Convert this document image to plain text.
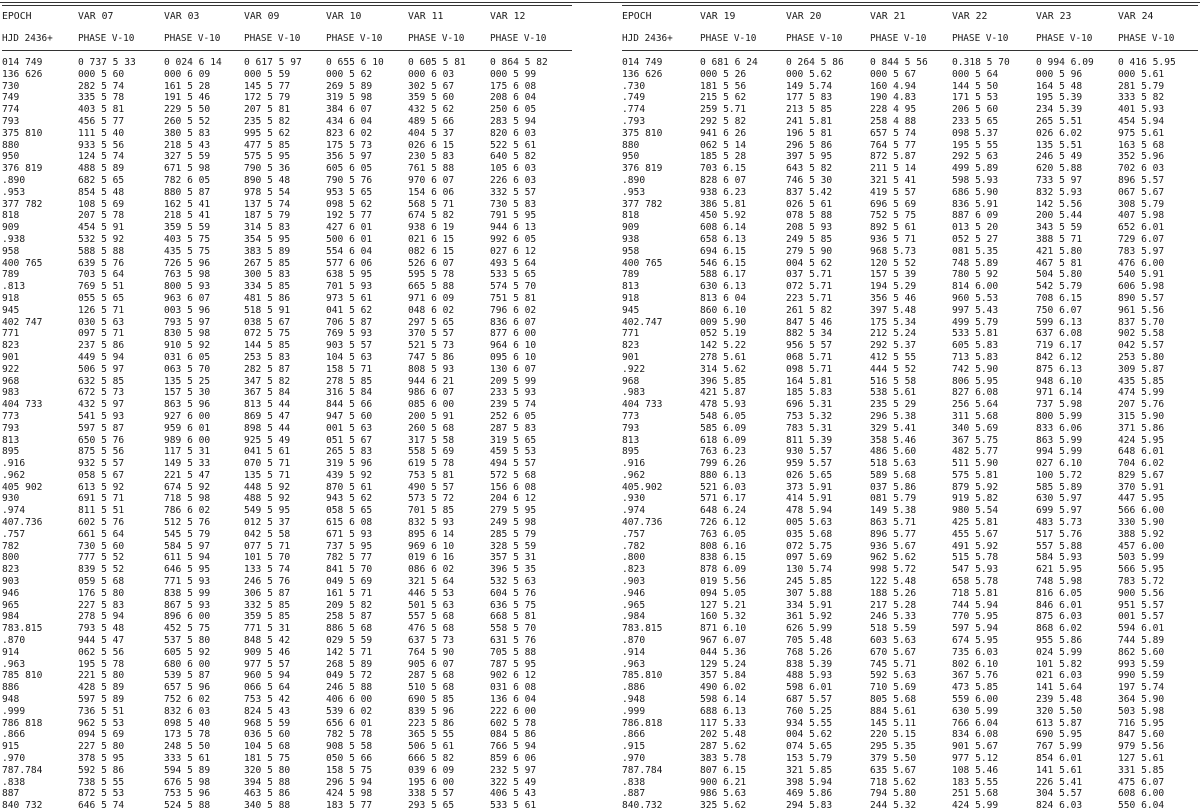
EPOCH	VAR 07	VAR 03	VAR 09	VAR 10	VAR 11	VAR 12
HJD 2436+	PHASE V-10	PHASE V-10	PHASE V-10	PHASE V-10	PHASE V-10	PHASE V-10

014 749	0 737 5 33	0 024 6 14	0 617 5 97	0 655 6 10	0 605 5 81	0 864 5 82
136 626	000 5 60	000 6 09	000 5 59	000 5 62	000 6 03	000 5 99
730	282 5 74	161 5 28	145 5 77	269 5 89	302 5 67	175 6 08
749	335 5 78	191 5 46	172 5 79	319 5 98	359 5 60	208 6 04
774	403 5 81	229 5 50	207 5 81	384 6 07	432 5 62	250 6 05
793	456 5 77	260 5 52	235 5 82	434 6 04	489 5 66	283 5 94
375 810	111 5 40	380 5 83	995 5 62	823 6 02	404 5 37	820 6 03
880	933 5 56	218 5 43	477 5 85	175 5 73	026 6 15	522 5 61
950	124 5 74	327 5 59	575 5 95	356 5 97	230 5 83	640 5 82
376 819	488 5 89	671 5 98	790 5 36	605 6 05	761 5 88	105 6 03
.890	682 5 65	782 6 05	890 5 48	790 5 76	970 6 07	226 6 03
.953	854 5 48	880 5 87	978 5 54	953 5 65	154 6 06	332 5 57
377 782	108 5 69	162 5 41	137 5 74	098 5 62	568 5 71	730 5 83
818	207 5 78	218 5 41	187 5 79	192 5 77	674 5 82	791 5 95
909	454 5 91	359 5 59	314 5 83	427 6 01	938 6 19	944 6 13
.938	532 5 92	403 5 75	354 5 95	500 6 01	021 6 15	992 6 05
958	588 5 88	435 5 75	383 5 89	554 6 04	082 6 15	027 6 12
400 765	639 5 76	726 5 96	267 5 85	577 6 06	526 6 07	493 5 64
789	703 5 64	763 5 98	300 5 83	638 5 95	595 5 78	533 5 65
.813	769 5 51	800 5 93	334 5 85	701 5 93	665 5 88	574 5 70
918	055 5 65	963 6 07	481 5 86	973 5 61	971 6 09	751 5 81
945	126 5 71	003 5 96	518 5 91	041 5 62	048 6 02	796 6 02
402 747	030 5 63	793 5 97	038 5 67	706 5 87	297 5 65	836 6 07
771	097 5 71	830 5 98	072 5 75	769 5 93	370 5 57	877 6 00
823	237 5 86	910 5 92	144 5 85	903 5 57	521 5 73	964 6 10
901	449 5 94	031 6 05	253 5 83	104 5 63	747 5 86	095 6 10
922	506 5 97	063 5 70	282 5 87	158 5 71	808 5 93	130 6 07
968	632 5 85	135 5 25	347 5 82	278 5 85	944 6 21	209 5 99
983	672 5 73	157 5 30	367 5 84	316 5 84	986 6 07	233 5 93
404 733	432 5 97	863 5 96	813 5 44	844 5 66	085 6 00	239 5 74
773	541 5 93	927 6 00	869 5 47	947 5 60	200 5 91	252 6 05
793	597 5 87	959 6 01	898 5 44	001 5 63	260 5 68	287 5 83
813	650 5 76	989 6 00	925 5 49	051 5 67	317 5 58	319 5 65
895	875 5 56	117 5 31	041 5 61	265 5 83	558 5 69	459 5 53
.916	932 5 57	149 5 33	070 5 71	319 5 96	619 5 78	494 5 57
.962	058 5 67	221 5 47	135 5 71	439 5 92	753 5 81	572 5 68
405 902	613 5 92	674 5 92	448 5 92	870 5 61	490 5 57	156 6 08
930	691 5 71	718 5 98	488 5 92	943 5 62	573 5 72	204 6 12
.974	811 5 51	786 6 02	549 5 95	058 5 65	701 5 85	279 5 95
407.736	602 5 76	512 5 76	012 5 37	615 6 08	832 5 93	249 5 98
.757	661 5 64	545 5 79	042 5 58	671 5 93	895 6 14	285 5 79
782	730 5 60	584 5 97	077 5 71	737 5 95	969 6 10	328 5 59
800	777 5 52	611 5 94	101 5 70	782 5 77	019 6 16	357 5 31
823	839 5 52	646 5 95	133 5 74	841 5 70	086 6 02	396 5 35
903	059 5 68	771 5 93	246 5 76	049 5 69	321 5 64	532 5 63
946	176 5 80	838 5 99	306 5 87	161 5 71	446 5 53	604 5 76
965	227 5 83	867 5 93	332 5 85	209 5 82	501 5 63	636 5 75
984	278 5 94	896 6 00	359 5 85	258 5 87	557 5 68	668 5 81
783.815	793 5 48	452 5 75	771 5 31	886 5 68	476 5 68	558 5 70
.870	944 5 47	537 5 80	848 5 42	029 5 59	637 5 73	631 5 76
914	062 5 56	605 5 92	909 5 46	142 5 71	764 5 90	705 5 88
.963	195 5 78	680 6 00	977 5 57	268 5 89	905 6 07	787 5 95
785 810	221 5 80	539 5 87	960 5 94	049 5 72	287 5 68	902 6 12
886	428 5 89	657 5 96	066 5 64	246 5 88	510 5 68	031 6 08
948	597 5 89	752 6 02	753 5 42	406 6 00	690 5 85	136 6 04
.999	736 5 51	832 6 03	824 5 43	539 6 02	839 5 96	222 6 00
786 818	962 5 53	098 5 40	968 5 59	656 6 01	223 5 86	602 5 78
.866	094 5 69	173 5 78	036 5 60	782 5 78	365 5 55	084 5 86
915	227 5 80	248 5 50	104 5 68	908 5 58	506 5 61	766 5 94
.970	378 5 95	333 5 61	181 5 75	050 5 66	666 5 82	859 6 06
787.784	592 5 86	594 5 89	320 5 80	158 5 75	039 6 09	232 5 97
.838	738 5 55	676 5 98	394 5 88	296 5 94	195 6 00	322 5 49
887	872 5 53	753 5 96	463 5 86	424 5 98	338 5 57	406 5 43
840 732	646 5 74	524 5 88	340 5 88	183 5 77	293 5 65	533 5 61
EPOCH	VAR 19	VAR 20	VAR 21	VAR 22	VAR 23	VAR 24
HJD 2436+	PHASE V-10	PHASE V-10	PHASE V-10	PHASE V-10	PHASE V-10	PHASE V-10

014 749	0 681 6 24	0 264 5 86	0 844 5 56	0.318 5 70	0 994 6.09	0 416 5.95
136 626	000 5 26	000 5.62	000 5 67	000 5 64	000 5 96	000 5.61
.730	181 5 56	149 5.74	160 4.94	144 5 50	164 5 48	281 5.79
.749	215 5 62	177 5 83	190 4.83	171 5 53	195 5.39	333 5 82
.774	259 5.71	213 5 85	228 4 95	206 5 60	234 5.39	401 5.93
.793	292 5 82	241 5.81	258 4 88	233 5 65	265 5.51	454 5.94
375 810	941 6 26	196 5 81	657 5 74	098 5.37	026 6.02	975 5.61
880	062 5 14	296 5 86	764 5 77	195 5 55	135 5.51	163 5 68
950	185 5 28	397 5 95	872 5.87	292 5 63	246 5 49	352 5.96
376 819	703 6.15	643 5 82	211 5 14	499 5.89	620 5.88	702 6 03
.890	828 6 07	746 5 30	321 5 41	598 5.93	733 5 97	896 5.57
.953	938 6.23	837 5.42	419 5 57	686 5.90	832 5.93	067 5.67
377 782	386 5.81	026 5 61	696 5 69	836 5.91	142 5.56	308 5.79
818	450 5.92	078 5 88	752 5 75	887 6 09	200 5.44	407 5.98
909	608 6.14	208 5 93	892 5 61	013 5 20	343 5 59	652 6.01
938	658 6.13	249 5 85	936 5 71	052 5 27	388 5 71	729 6.07
958	694 6.15	279 5 90	968 5.73	081 5.35	421 5.80	783 5.97
400 765	546 6.15	004 5 62	120 5 52	748 5.89	467 5 81	476 6.00
789	588 6.17	037 5.71	157 5 39	780 5 92	504 5.80	540 5.91
813	630 6.13	072 5.71	194 5.29	814 6.00	542 5.79	606 5.98
918	813 6 04	223 5.71	356 5 46	960 5.53	708 6.15	890 5.57
945	860 6.10	261 5 82	397 5.48	997 5.43	750 6.07	961 5.56
402.747	009 5.90	847 5 46	175 5.34	499 5.79	599 6.13	837 5.70
771	052 5.19	882 5 34	212 5.24	533 5.81	637 6.08	902 5.58
823	142 5.22	956 5 57	292 5.37	605 5.83	719 6.17	042 5.57
901	278 5.61	068 5.71	412 5 55	713 5.83	842 6.12	253 5.80
.922	314 5.62	098 5.71	444 5 52	742 5.90	875 6.13	309 5.87
968	396 5.85	164 5.81	516 5 58	806 5.95	948 6.10	435 5.85
.983	421 5.87	185 5.83	538 5.61	827 6.08	971 6.14	474 5.99
404 733	478 5.93	696 5.31	235 5 29	256 5.64	737 5.98	207 5.76
773	548 6.05	753 5.32	296 5.38	311 5.68	800 5.99	315 5.90
793	585 6.09	783 5.31	329 5.41	340 5.69	833 6.06	371 5.86
813	618 6.09	811 5.39	358 5.46	367 5.75	863 5.99	424 5.95
895	763 6.23	930 5.57	486 5.60	482 5.77	994 5.99	648 6.01
.916	799 6.26	959 5.57	518 5.63	511 5.90	027 6.10	704 6.02
.962	880 6.13	026 5.65	589 5.68	575 5.81	100 5.72	829 5.67
405.902	521 6.03	373 5.91	037 5.86	879 5.92	585 5.89	370 5.91
.930	571 6.17	414 5.91	081 5.79	919 5.82	630 5.97	447 5.95
.974	648 6.24	478 5.94	149 5.38	980 5.54	699 5.97	566 6.00
407.736	726 6.12	005 5.63	863 5.71	425 5.81	483 5.73	330 5.90
.757	763 6.05	035 5.68	896 5.77	455 5.67	517 5.76	388 5.92
.782	808 6.16	072 5.75	936 5.67	491 5.92	557 5.88	457 6.00
.800	838 6.15	097 5.69	962 5.62	515 5.78	584 5.93	503 5.99
.823	878 6.09	130 5.74	998 5.72	547 5.93	621 5.95	566 5.95
.903	019 5.56	245 5.85	122 5.48	658 5.78	748 5.98	783 5.72
.946	094 5.05	307 5.88	188 5.26	718 5.81	816 6.05	900 5.56
.965	127 5.21	334 5.91	217 5.28	744 5.94	846 6.01	951 5.57
.984	160 5.32	361 5.92	246 5.33	770 5.95	875 6.03	001 5.57
783.815	871 6.10	626 5.99	518 5.59	597 5.94	868 6.02	594 6.01
.870	967 6.07	705 5.48	603 5.63	674 5.95	955 5.86	744 5.89
.914	044 5.36	768 5.26	670 5.67	735 6.03	024 5.99	862 5.60
.963	129 5.24	838 5.39	745 5.71	802 6.10	101 5.82	993 5.59
785.810	357 5.84	488 5.93	592 5.63	367 5.76	021 6.03	990 5.59
.886	490 6.02	598 6.01	710 5.69	473 5.85	141 5.64	197 5.74
.948	598 6.14	687 5.57	805 5.68	559 6.00	239 5.48	364 5.90
.999	688 6.13	760 5.25	884 5.61	630 5.99	320 5.50	503 5.98
786.818	117 5.33	934 5.55	145 5.11	766 6.04	613 5.87	716 5.95
.866	202 5.48	004 5.62	220 5.15	834 6.08	690 5.95	847 5.60
.915	287 5.62	074 5.65	295 5.35	901 5.67	767 5.99	979 5.56
.970	383 5.78	153 5.79	379 5.50	977 5.12	854 6.01	127 5.61
787.784	807 6.15	321 5.85	635 5.67	108 5.46	141 5.61	331 5.85
.838	900 6.21	398 5.94	718 5.62	183 5.55	226 5.41	475 6.07
.887	986 5.63	469 5.86	794 5.80	251 5.68	304 5.57	608 6.00
840.732	325 5.62	294 5.83	244 5.32	424 5.99	824 6.03	550 6.04
